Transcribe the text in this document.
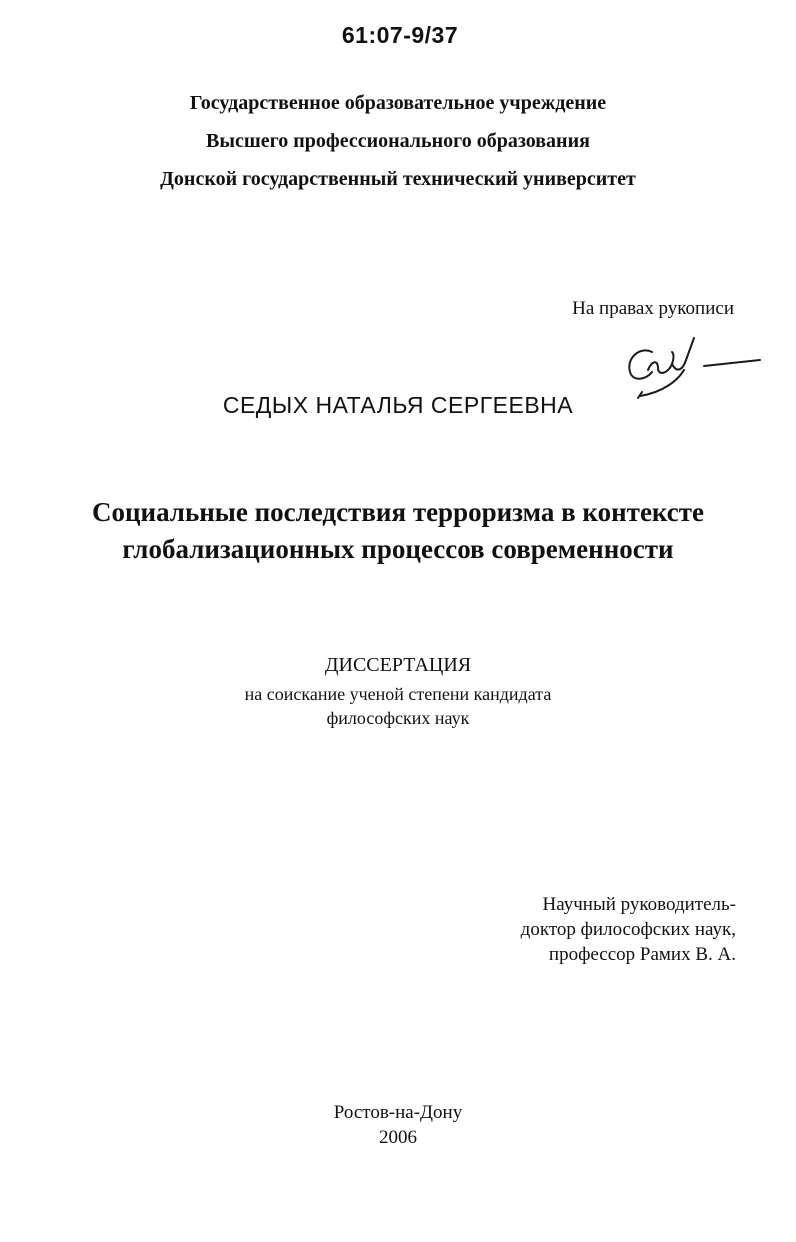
61:07-9/37
Государственное образовательное учреждение
Высшего профессионального образования
Донской государственный технический университет
На правах рукописи
СЕДЫХ НАТАЛЬЯ СЕРГЕЕВНА
Социальные последствия терроризма в контексте
глобализационных процессов современности
ДИССЕРТАЦИЯ
на соискание ученой степени кандидата
философских наук
Научный руководитель-
доктор философских наук,
профессор Рамих В. А.
Ростов-на-Дону
2006
